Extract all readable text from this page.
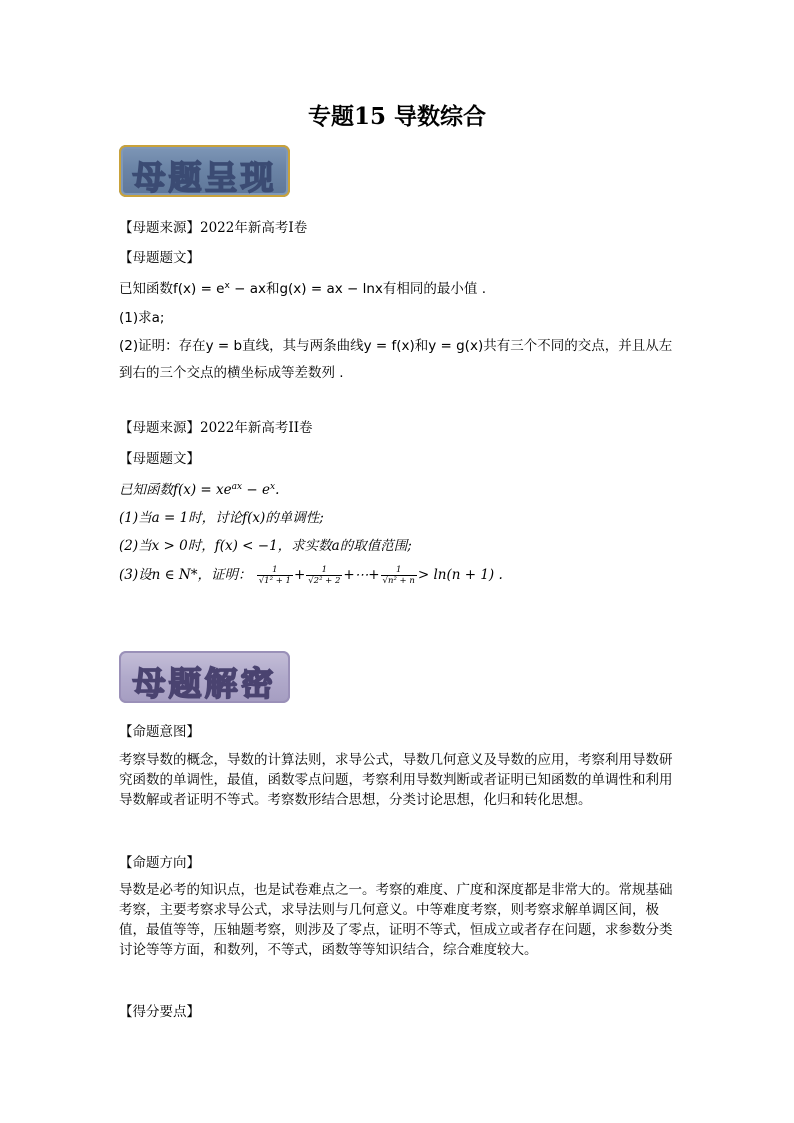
专题15 导数综合
母题呈现
【母题来源】2022年新高考I卷
【母题题文】
已知函数$f(x) = e^x$ − ax和g(x) = ax − lnx有相同的最小值 .
(1)求a;
(2)证明：存在y = b直线，其与两条曲线y = f(x)和y = g(x)共有三个不同的交点，并且从左
到右的三个交点的横坐标成等差数列 .
【母题来源】2022年新高考II卷
【母题题文】
已知函数$f(x) = xe^{ax} - e^x$.
(1)当a = 1时，讨论f(x)的单调性;
(2)当x > 0时，f(x) < −1，求实数a的取值范围;
(3)设n ∈ N*，证明： $\frac{1}{\text{√1² + 1}} + \frac{1}{\text{√2² + 2}}$ +⋯+ $\frac{1}{\text{√n² + n}} > \ln(n + 1)$ .
母题解密
【命题意图】
考察导数的概念，导数的计算法则，求导公式，导数几何意义及导数的应用，考察利用导数研究函数的单调性，最值，函数零点问题，考察利用导数判断或者证明已知函数的单调性和利用导数解或者证明不等式。考察数形结合思想，分类讨论思想，化归和转化思想。
【命题方向】
导数是必考的知识点，也是试卷难点之一。考察的难度、广度和深度都是非常大的。常规基础考察，主要考察求导公式，求导法则与几何意义。中等难度考察，则考察求解单调区间，极值，最值等等，压轴题考察，则涉及了零点，证明不等式，恒成立或者存在问题，求参数分类讨论等等方面，和数列，不等式，函数等等知识结合，综合难度较大。
【得分要点】
